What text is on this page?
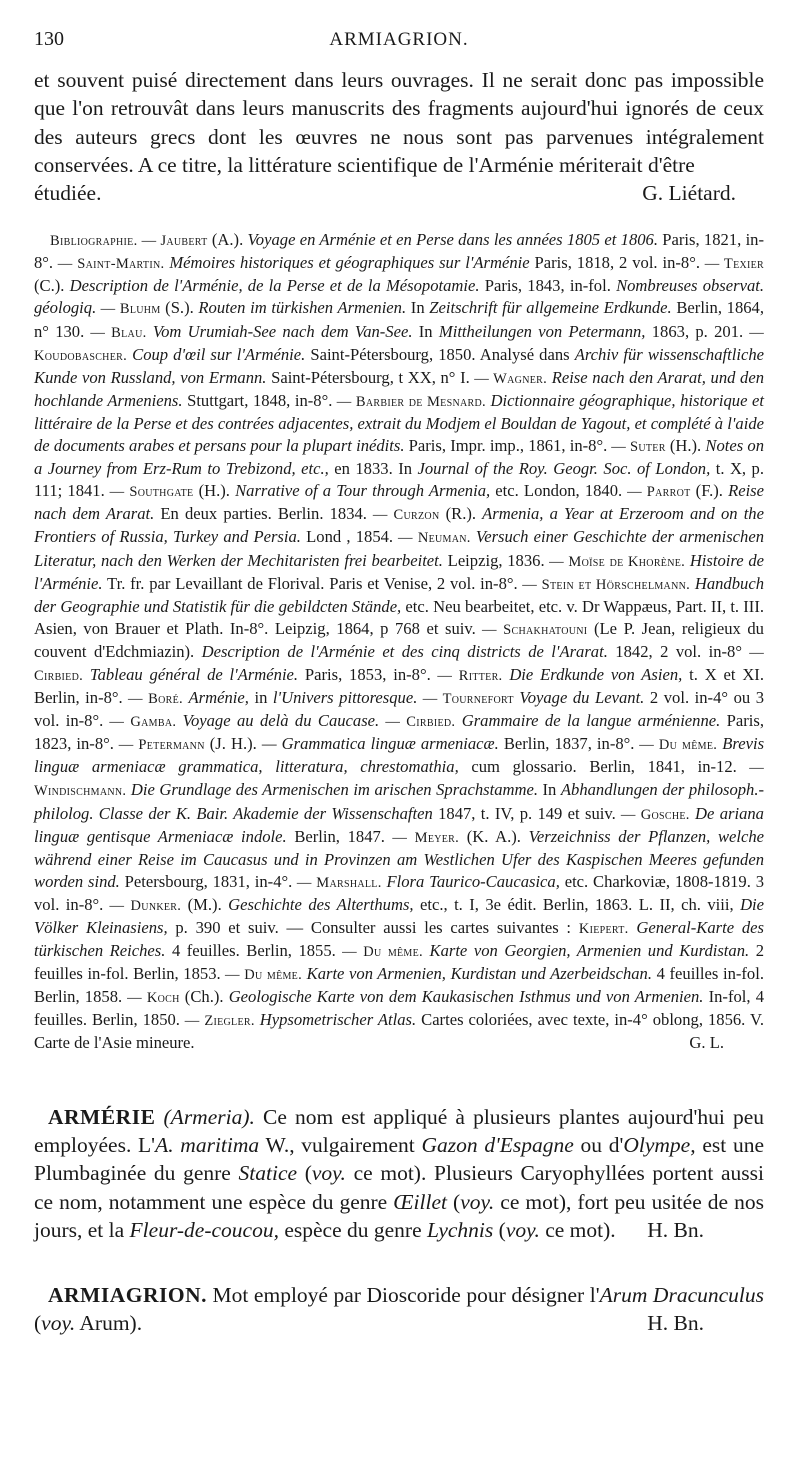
130	ARMIAGRION.

et souvent puisé directement dans leurs ouvrages. Il ne serait donc pas impossible que l'on retrouvât dans leurs manuscrits des fragments aujourd'hui ignorés de ceux des auteurs grecs dont les œuvres ne nous sont pas parvenues intégralement conservées. A ce titre, la littérature scientifique de l'Arménie mériterait d'être

étudiée.	G. Liétard.

Bibliographie. — Jaubert (A.). Voyage en Arménie et en Perse dans les années 1805 et 1806. Paris, 1821, in-8°. — Saint-Martin. Mémoires historiques et géographiques sur l'Arménie Paris, 1818, 2 vol. in-8°. — Texier (C.). Description de l'Arménie, de la Perse et de la Mésopotamie. Paris, 1843, in-fol. Nombreuses observat. géologiq. — Bluhm (S.). Routen im türkishen Armenien. In Zeitschrift für allgemeine Erdkunde. Berlin, 1864, n° 130. — Blau. Vom Urumiah-See nach dem Van-See. In Mittheilungen von Petermann, 1863, p. 201. — Koudobascher. Coup d'œil sur l'Arménie. Saint-Pétersbourg, 1850. Analysé dans Archiv für wissenschaftliche Kunde von Russland, von Ermann. Saint-Pétersbourg, t XX, n° I. — Wagner. Reise nach den Ararat, und den hochlande Armeniens. Stuttgart, 1848, in-8°. — Barbier de Mesnard. Dictionnaire géographique, historique et littéraire de la Perse et des contrées adjacentes, extrait du Modjem el Bouldan de Yagout, et complété à l'aide de documents arabes et persans pour la plupart inédits. Paris, Impr. imp., 1861, in-8°. — Suter (H.). Notes on a Journey from Erz-Rum to Trebizond, etc., en 1833. In Journal of the Roy. Geogr. Soc. of London, t. X, p. 111; 1841. — Southgate (H.). Narrative of a Tour through Armenia, etc. London, 1840. — Parrot (F.). Reise nach dem Ararat. En deux parties. Berlin. 1834. — Curzon (R.). Armenia, a Year at Erzeroom and on the Frontiers of Russia, Turkey and Persia. Lond , 1854. — Neuman. Versuch einer Geschichte der armenischen Literatur, nach den Werken der Mechitaristen frei bearbeitet. Leipzig, 1836. — Moïse de Khorène. Histoire de l'Arménie. Tr. fr. par Levaillant de Florival. Paris et Venise, 2 vol. in-8°. — Stein et Hörschelmann. Handbuch der Geographie und Statistik für die gebildcten Stände, etc. Neu bearbeitet, etc. v. Dr Wappæus, Part. II, t. III. Asien, von Brauer et Plath. In-8°. Leipzig, 1864, p 768 et suiv. — Schakhatouni (Le P. Jean, religieux du couvent d'Edchmiazin). Description de l'Arménie et des cinq districts de l'Ararat. 1842, 2 vol. in-8° — Cirbied. Tableau général de l'Arménie. Paris, 1853, in-8°. — Ritter. Die Erdkunde von Asien, t. X et XI. Berlin, in-8°. — Boré. Arménie, in l'Univers pittoresque. — Tournefort Voyage du Levant. 2 vol. in-4° ou 3 vol. in-8°. — Gamba. Voyage au delà du Caucase. — Cirbied. Grammaire de la langue arménienne. Paris, 1823, in-8°. — Petermann (J. H.). — Grammatica linguæ armeniacæ. Berlin, 1837, in-8°. — Du même. Brevis linguæ armeniacæ grammatica, litteratura, chrestomathia, cum glossario. Berlin, 1841, in-12. — Windischmann. Die Grundlage des Armenischen im arischen Sprachstamme. In Abhandlungen der philosoph.-philolog. Classe der K. Bair. Akademie der Wissenschaften 1847, t. IV, p. 149 et suiv. — Gosche. De ariana linguæ gentisque Armeniacæ indole. Berlin, 1847. — Meyer. (K. A.). Verzeichniss der Pflanzen, welche während einer Reise im Caucasus und in Provinzen am Westlichen Ufer des Kaspischen Meeres gefunden worden sind. Petersbourg, 1831, in-4°. — Marshall. Flora Taurico-Caucasica, etc. Charkoviæ, 1808-1819. 3 vol. in-8°. — Dunker. (M.). Geschichte des Alterthums, etc., t. I, 3e édit. Berlin, 1863. L. II, ch. viii, Die Völker Kleinasiens, p. 390 et suiv. — Consulter aussi les cartes suivantes : Kiepert. General-Karte des türkischen Reiches. 4 feuilles. Berlin, 1855. — Du même. Karte von Georgien, Armenien und Kurdistan. 2 feuilles in-fol. Berlin, 1853. — Du même. Karte von Armenien, Kurdistan und Azerbeidschan. 4 feuilles in-fol. Berlin, 1858. — Koch (Ch.). Geologische Karte von dem Kaukasischen Isthmus und von Armenien. In-fol, 4 feuilles. Berlin, 1850. — Ziegler. Hypsometrischer Atlas. Cartes coloriées, avec texte, in-4° oblong, 1856. V. Carte de l'Asie mineure.	G. L.

ARMÉRIE (Armeria). Ce nom est appliqué à plusieurs plantes aujourd'hui peu employées. L'A. maritima W., vulgairement Gazon d'Espagne ou d'Olympe, est une Plumbaginée du genre Statice (voy. ce mot). Plusieurs Caryophyllées portent aussi ce nom, notamment une espèce du genre Œillet (voy. ce mot), fort peu usitée de nos jours, et la Fleur-de-coucou, espèce du genre Lychnis (voy. ce mot).	H. Bn.

ARMIAGRION. Mot employé par Dioscoride pour désigner l'Arum Dracunculus (voy. Arum).	H. Bn.
